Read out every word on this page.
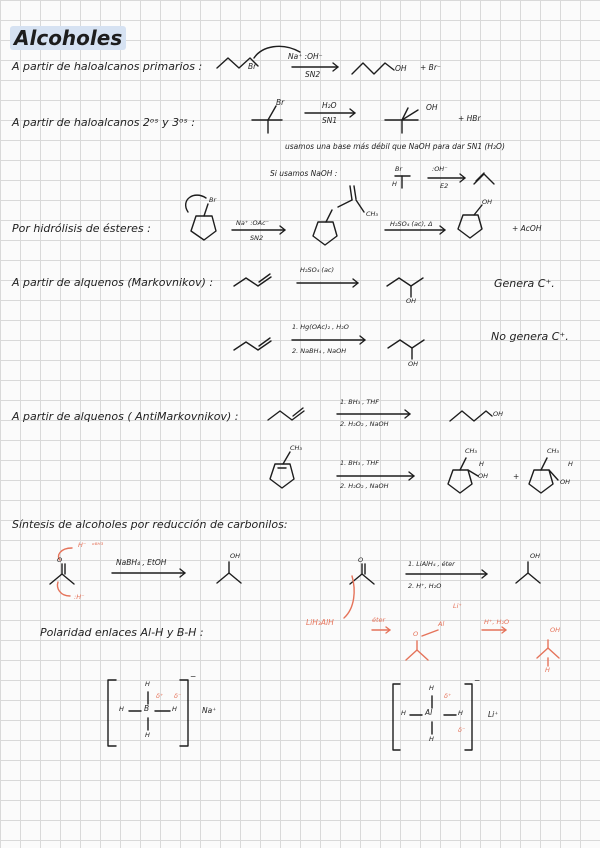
Alcoholes
A partir de haloalcanos primarios :	Br
Na⁺ :OH⁻
SN2
OH + Br⁻
A partir de haloalcanos 2ᵒˢ y 3ᵒˢ :
Br	H₂O
SN1
OH
+ HBr
usamos una base más débil que NaOH para dar SN1 (H₂O)
Si usamos NaOH :	Br
H
:OH⁻
E2
Por hidrólisis de ésteres :
Br
Na⁺ :OAc⁻
SN2
CH₃
H₂SO₄ (ac), Δ
OH
+ AcOH
A partir de alquenos (Markovnikov) :
H₂SO₄ (ac)
OH
Genera C⁺.
1. Hg(OAc)₂ , H₂O
2. NaBH₄ , NaOH
OH
No genera C⁺.
A partir de alquenos ( AntiMarkovnikov) :
1. BH₃ , THF
2. H₂O₂ , NaOH
OH
CH₃
1. BH₃ , THF
2. H₂O₂ , NaOH
CH₃
H
OH	+
CH₃
H
OH
Síntesis de alcoholes por reducción de carbonilos:
O
H⁻ ᵒᴮᴴ³
:H⁻
NaBH₄ , EtOH
OH	O	1. LiAlH₄ , éter
2. H⁺, H₂O
OH
LiH₃AlH	éter
O
Al
Li⁺
H⁺, H₂O
OH
H
Polaridad enlaces Al-H y B-H :
H
H	B	H
H
δ⁺ δ⁻
−
Na⁺
H
H	Al	H
H
δ⁺
δ⁻
−
Li⁺
